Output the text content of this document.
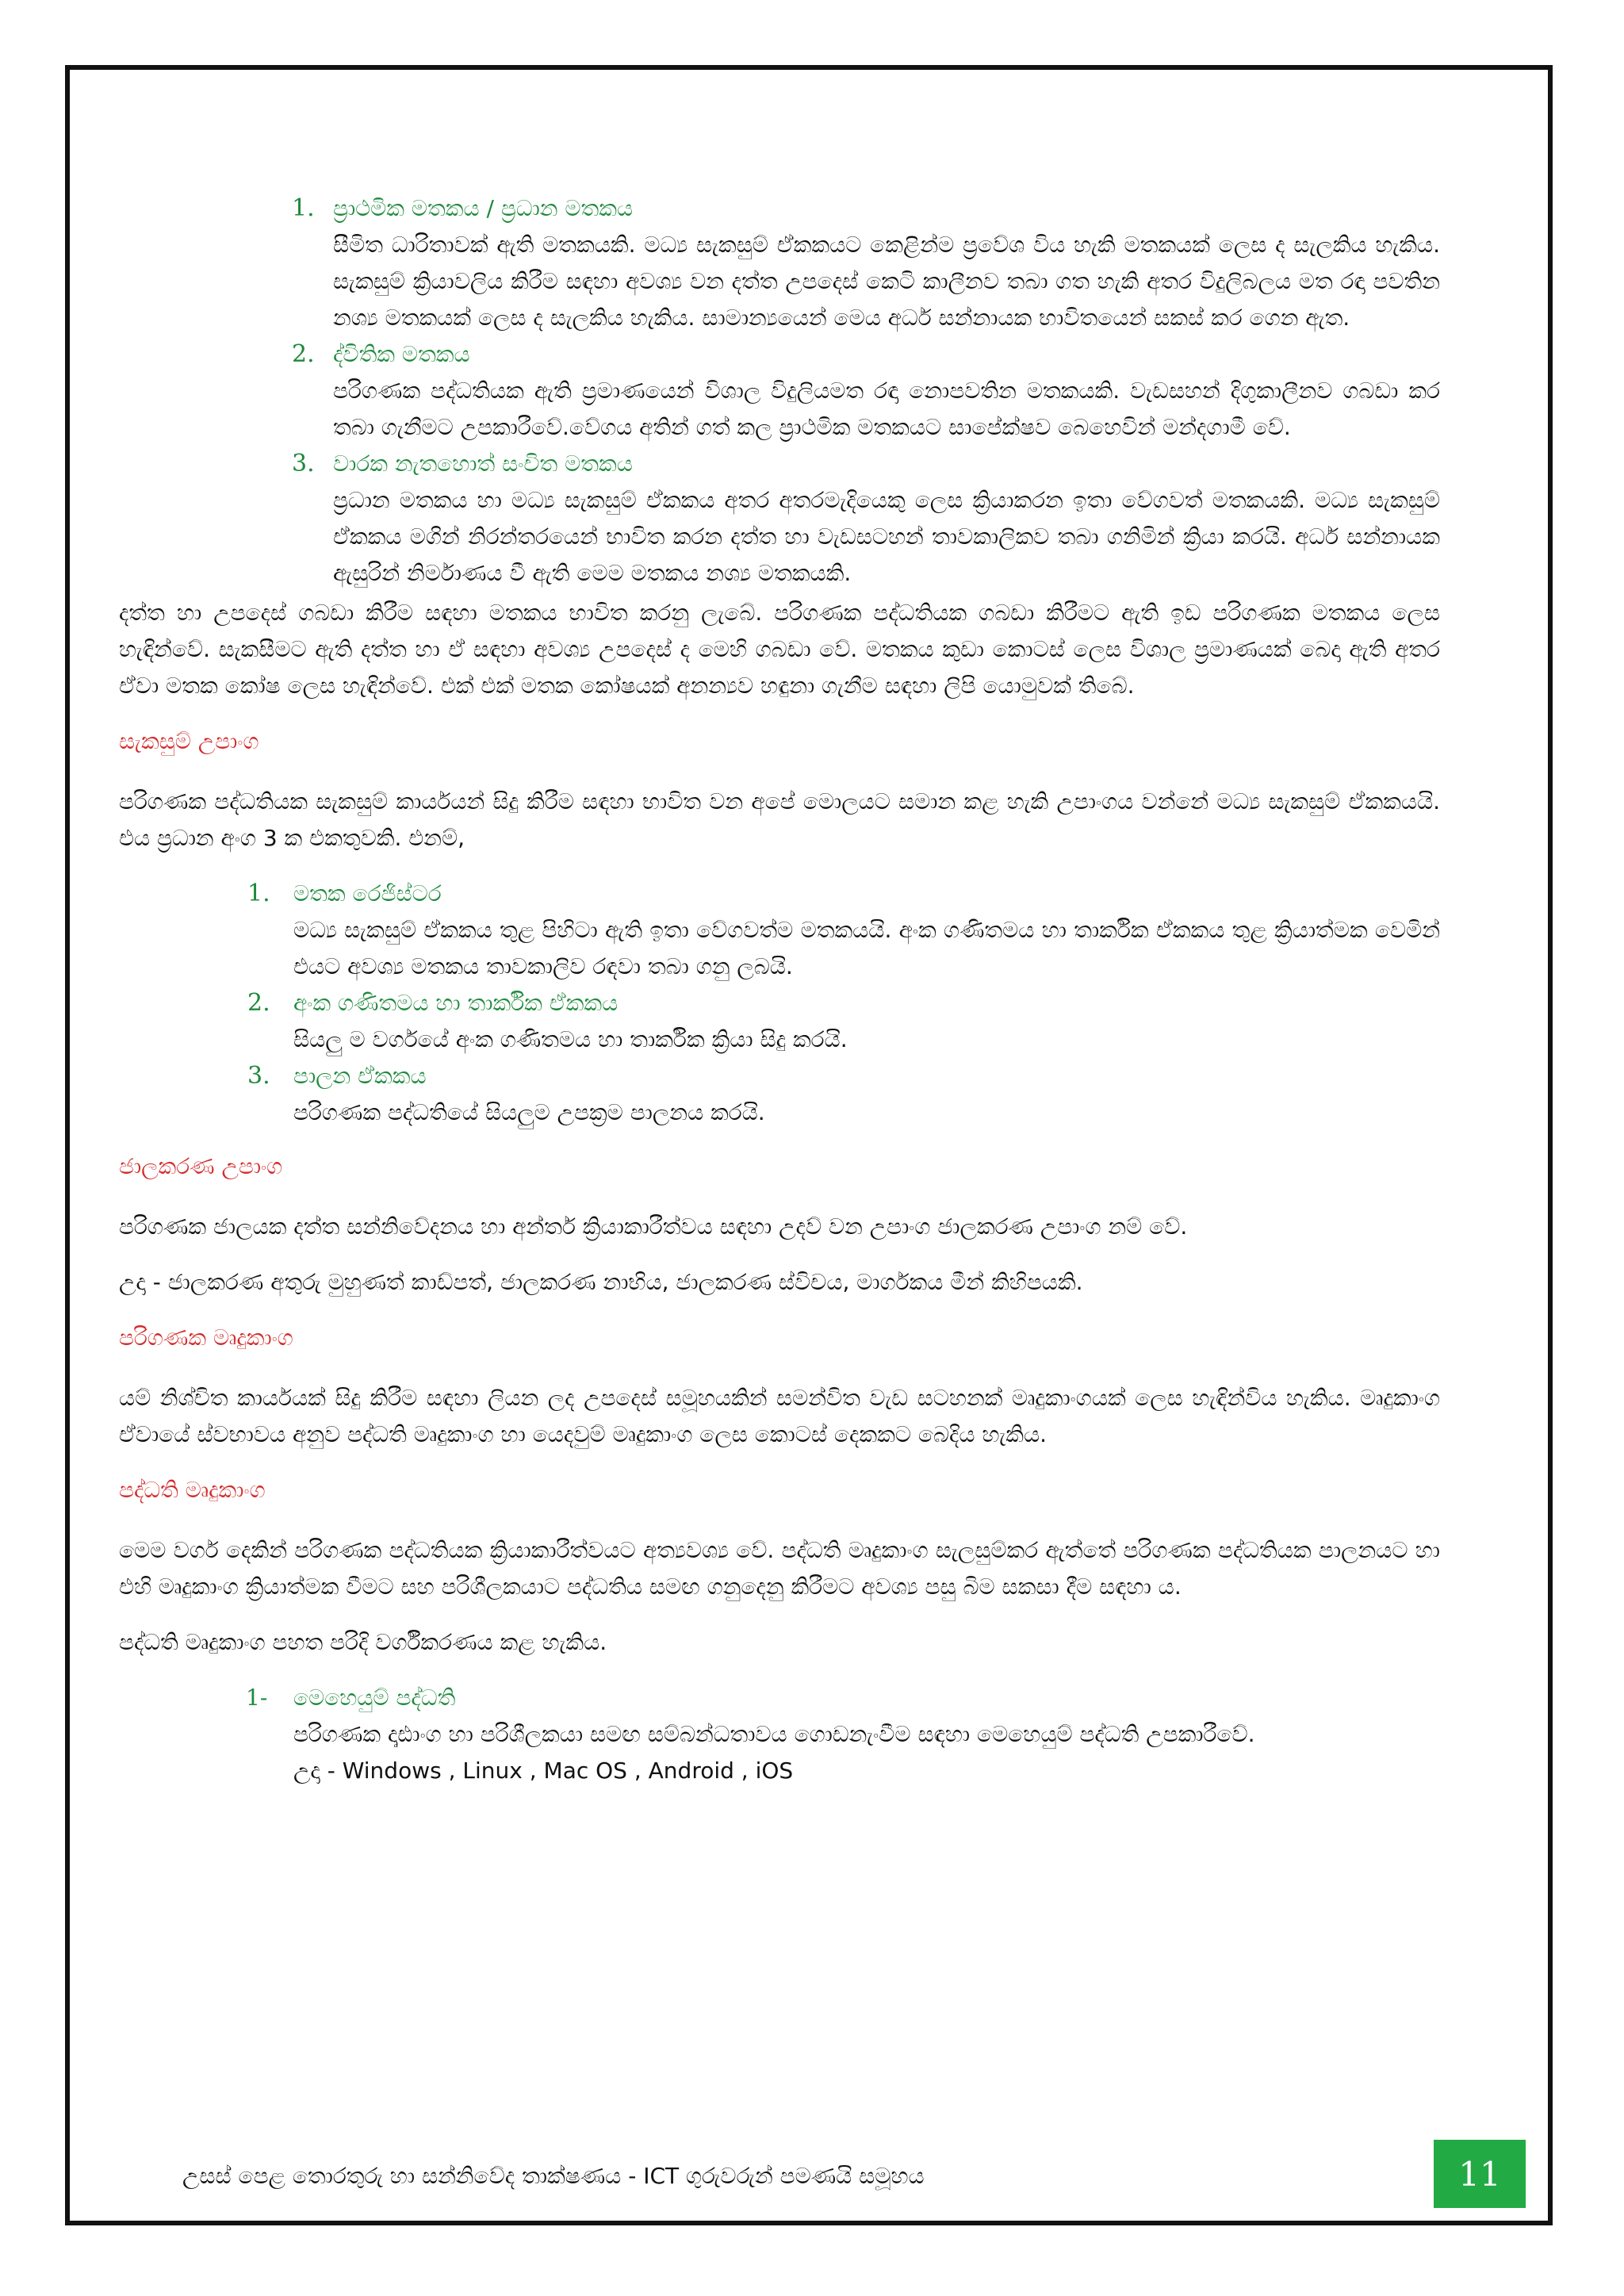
1. ප්‍රාථමික මතකය / ප්‍රධාන මතකය
සීමිත ධාරිතාවක් ඇති මතකයකි. මධ්‍ය සැකසුම් ඒකකයට කෙළින්ම ප්‍රවේශ විය හැකි මතකයක් ලෙස ද සැලකිය හැකිය. සැකසුම් ක්‍රියාවලිය කිරීම සඳහා අවශ්‍ය වන දත්ත උපදෙස් කෙටි කාලීනව තබා ගත හැකි අතර විදුලිබලය මත රඳා පවතින නශ්‍ය මතකයක් ලෙස ද සැලකිය හැකිය. සාමාන්‍යයෙන් මෙය අර්ධ සන්නායක භාවිතයෙන් සකස් කර ගෙන ඇත.
2. ද්විතික මතකය
පරිගණක පද්ධතියක ඇති ප්‍රමාණයෙන් විශාල විදුලියමත රඳා නොපවතින මතකයකි. වැඩසහන් දිගුකාලීනව ගබඩා කර තබා ගැනීමට උපකාරීවේ.වේගය අතින් ගත් කල ප්‍රාථමික මතකයට සාපේක්ෂව බෙහෙවින් මන්දගාමී වේ.
3. වාරක නැතහොත් සංචිත මතකය
ප්‍රධාන මතකය හා මධ්‍ය සැකසුම් ඒකකය අතර අතරමැදියෙකු ලෙස ක්‍රියාකරන ඉතා වේගවත් මතකයකි. මධ්‍ය සැකසුම් ඒකකය මගින් නිරන්තරයෙන් භාවිත කරන දත්ත හා වැඩසටහන් තාවකාලිකව තබා ගනිමින් ක්‍රියා කරයි. අර්ධ සන්නායක ඇසුරින් නිර්මාණය වී ඇති මෙම මතකය නශ්‍ය මතකයකි.

දත්ත හා උපදෙස් ගබඩා කිරීම සඳහා මතකය භාවිත කරනු ලැබේ. පරිගණක පද්ධතියක ගබඩා කිරීමට ඇති ඉඩ පරිගණක මතකය ලෙස හැඳින්වේ. සැකසීමට ඇති දත්ත හා ඒ සඳහා අවශ්‍ය උපදෙස් ද මෙහි ගබඩා වේ. මතකය කුඩා කොටස් ලෙස විශාල ප්‍රමාණයක් බෙදා ඇති අතර ඒවා මතක කෝෂ ලෙස හැඳින්වේ. එක් එක් මතක කෝෂයක් අනන්‍යව හඳුනා ගැනීම සඳහා ලිපි යොමුවක් තිබේ.

සැකසුම් උපාංග

පරිගණක පද්ධතියක සැකසුම් කාර්යයන් සිදු කිරීම සඳහා භාවිත වන අපේ මොලයට සමාන කළ හැකි උපාංගය වන්නේ මධ්‍ය සැකසුම් ඒකකයයි. එය ප්‍රධාන අංග 3 ක එකතුවකි. එනම්,

1. මතක රෙජිස්ටර
මධ්‍ය සැකසුම් ඒකකය තුළ පිහිටා ඇති ඉතා වේගවත්ම මතකයයි. අංක ගණිතමය හා තාර්කික ඒකකය තුළ ක්‍රියාත්මක වෙමින් එයට අවශ්‍ය මතකය තාවකාලිව රඳවා තබා ගනු ලබයි.
2. අංක ගණිතමය හා තාර්කික ඒකකය
සියලු ම වර්ගයේ අංක ගණිතමය හා තාර්කික ක්‍රියා සිදු කරයි.
3. පාලන ඒකකය
පරිගණක පද්ධතියේ සියලුම උපක්‍රම පාලනය කරයි.
ජාලකරණ උපාංග

පරිගණක ජාලයක දත්ත සන්නිවේදනය හා අන්තර් ක්‍රියාකාරීත්වය සඳහා උදව් වන උපාංග ජාලකරණ උපාංග නම් වේ.

උදා - ජාලකරණ අතුරු මුහුණත් කාඩ්පත්, ජාලකරණ නාභිය, ජාලකරණ ස්විචය, මාර්ගකය මීන් කිහිපයකි.

පරිගණක මෘදුකාංග

යම් නිශ්චිත කාර්යයක් සිදු කිරීම සඳහා ලියන ලද උපදෙස් සමූහයකින් සමන්විත වැඩ සටහනක් මෘදුකාංගයක් ලෙස හැඳින්විය හැකිය. මෘදුකාංග ඒවායේ ස්වභාවය අනුව පද්ධති මෘදුකාංග හා යෙදවුම් මෘදුකාංග ලෙස කොටස් දෙකකට බෙදිය හැකිය.

පද්ධති මෘදුකාංග

මෙම වර්ග දෙකින් පරිගණක පද්ධතියක ක්‍රියාකාරීත්වයට අත්‍යවශ්‍ය වේ. පද්ධති මෘදුකාංග සැලසුම්කර ඇත්තේ පරිගණක පද්ධතියක පාලනයට හා එහි මෘදුකාංග ක්‍රියාත්මක වීමට සහ පරිශීලකයාට පද්ධතිය සමඟ ගනුදෙනු කිරීමට අවශ්‍ය පසු බිම සකසා දීම සඳහා ය.

පද්ධති මෘදුකාංග පහත පරිදි වර්ගීකරණය කළ හැකිය.

1- මෙහෙයුම් පද්ධති
පරිගණක දෘඪාංග හා පරිශීලකයා සමඟ සම්බන්ධතාවය ගොඩනැංවීම සඳහා මෙහෙයුම් පද්ධති උපකාරීවේ.
උදා - Windows , Linux , Mac OS , Android , iOS
උසස් පෙළ තොරතුරු හා සන්නිවේද තාක්ෂණය - ICT ගුරුවරුන් පමණයි සමූහය	11
